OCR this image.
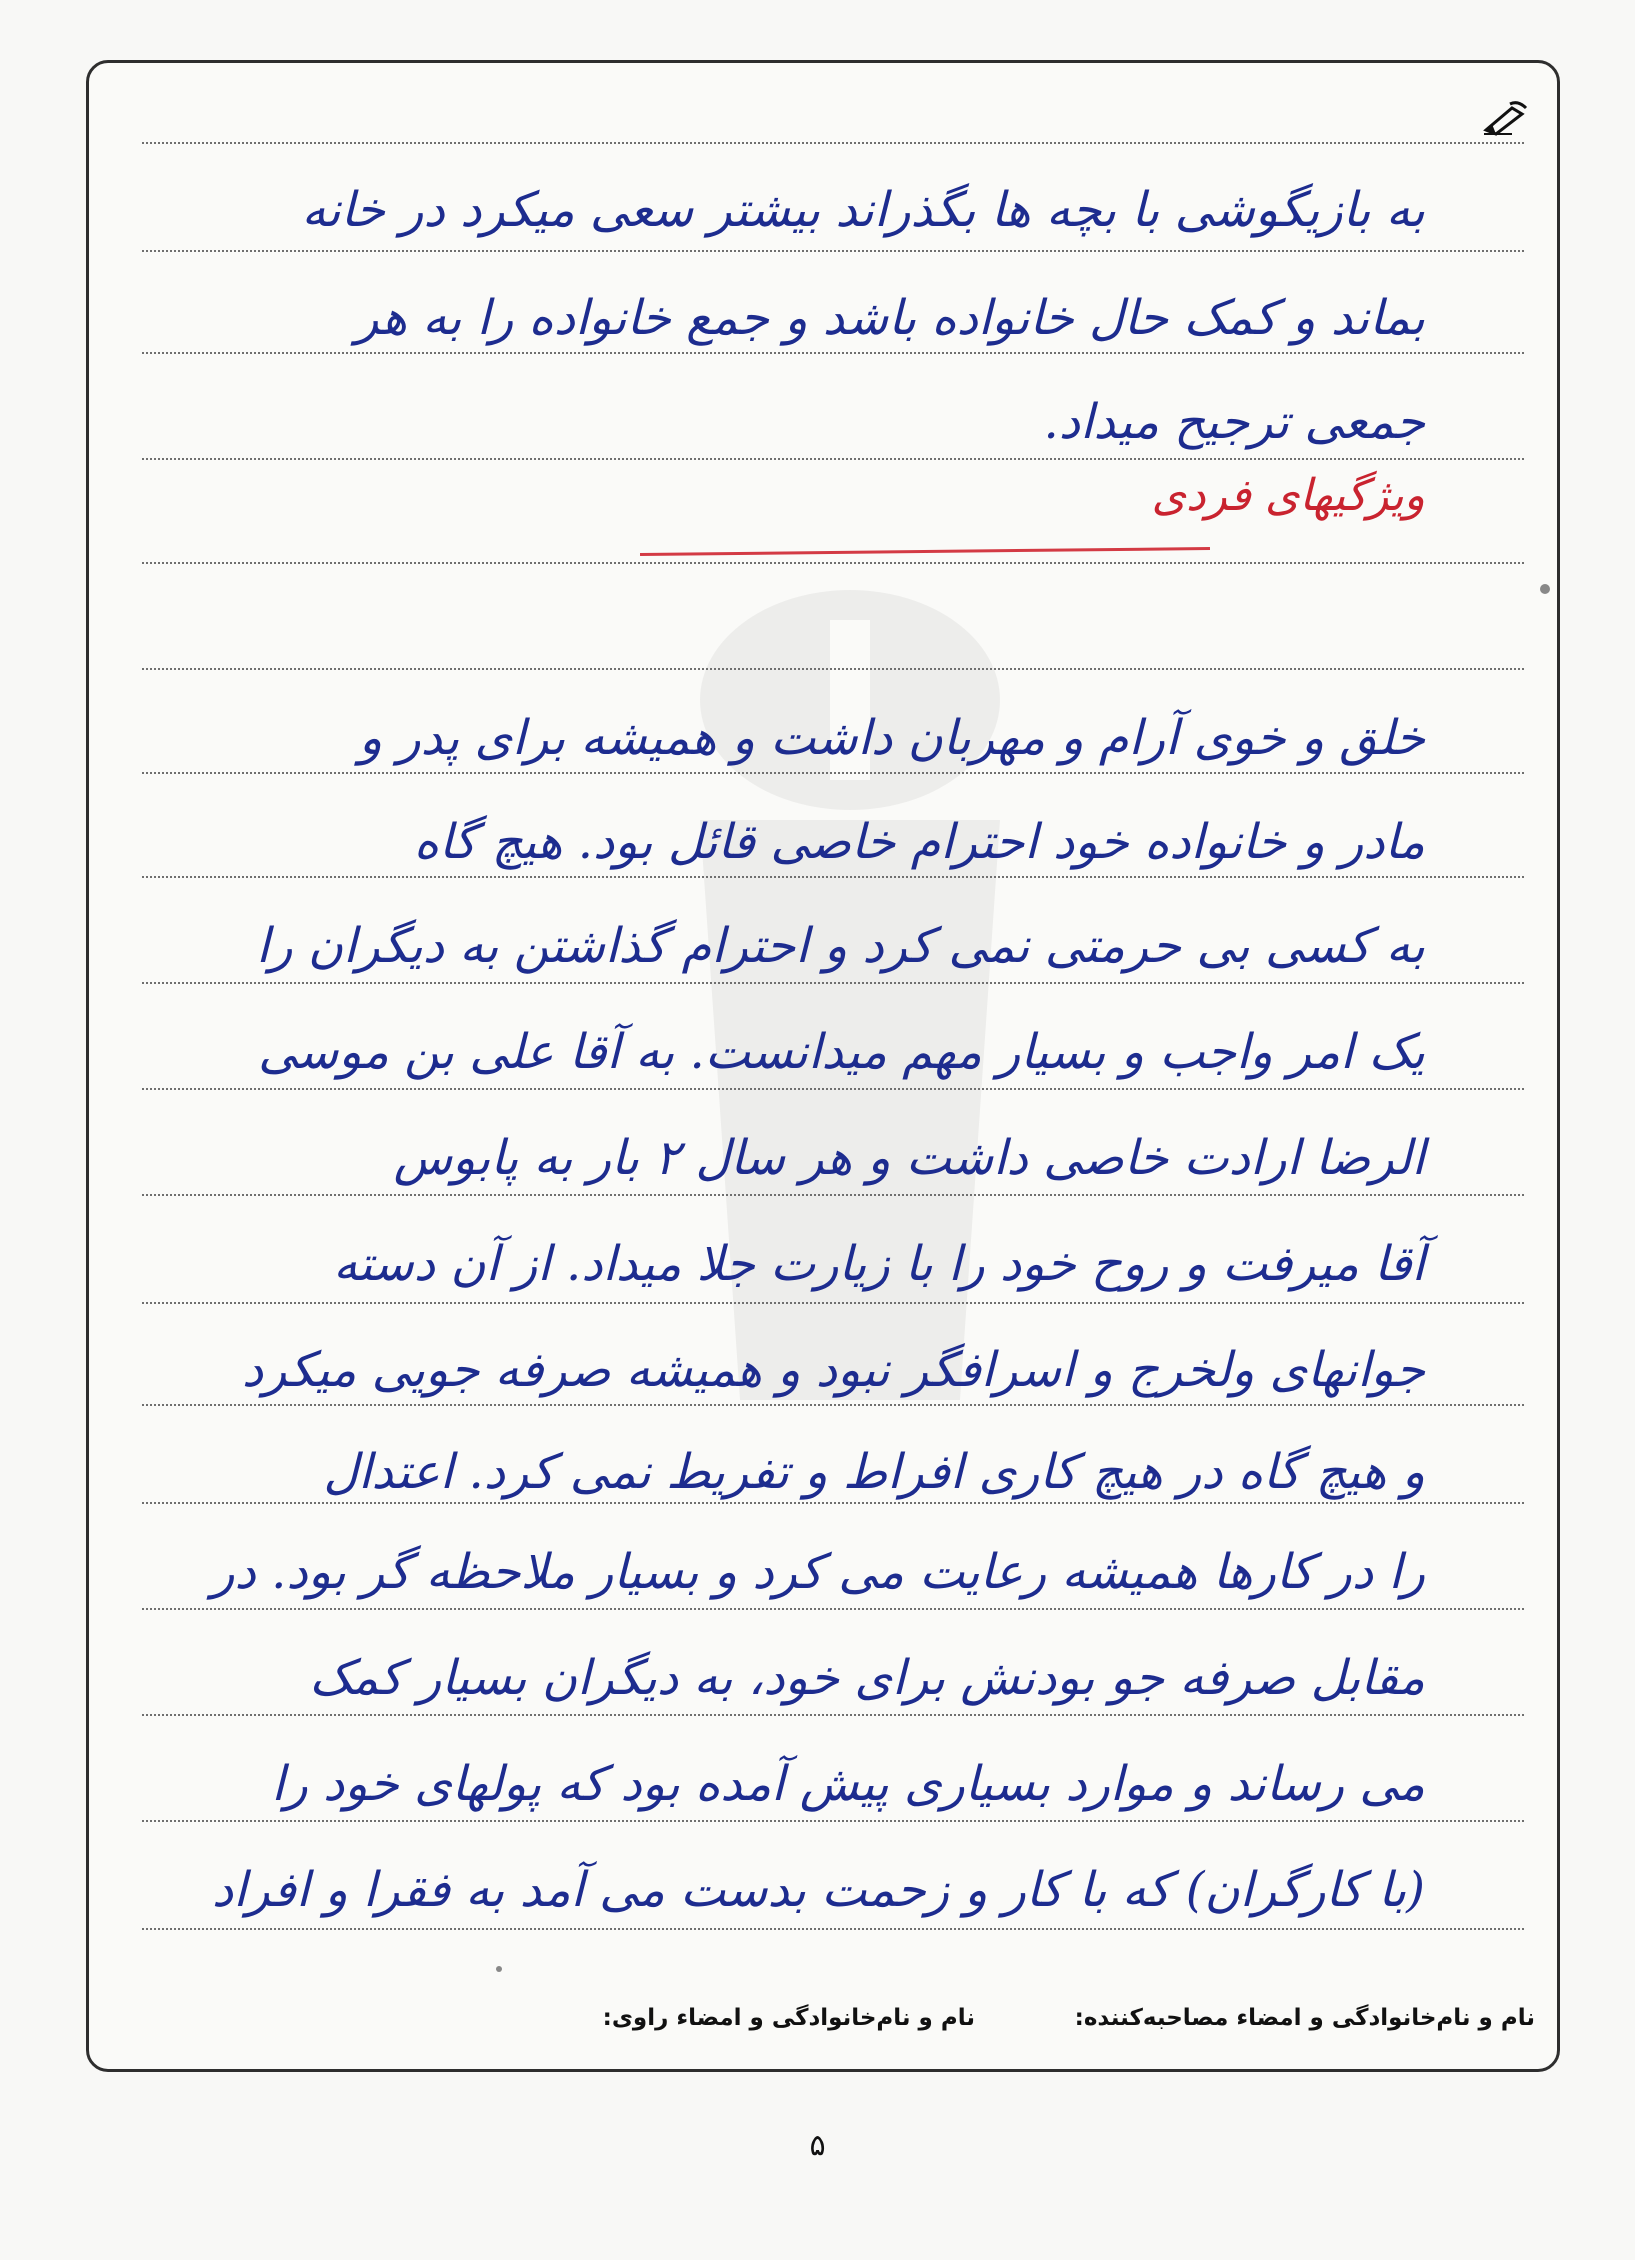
به بازیگوشی با بچه ها بگذراند بیشتر سعی میکرد در خانه
بماند و کمک حال خانواده باشد و جمع خانواده را به هر
جمعی ترجیح میداد.
ویژگیهای فردی
خلق و خوی آرام و مهربان داشت و همیشه برای پدر و
مادر و خانواده خود احترام خاصی قائل بود. هیچ گاه
به کسی بی حرمتی نمی کرد و احترام گذاشتن به دیگران را
یک امر واجب و بسیار مهم میدانست. به آقا علی بن موسی
الرضا ارادت خاصی داشت و هر سال ۲ بار به پابوس
آقا میرفت و روح خود را با زیارت جلا میداد. از آن دسته
جوانهای ولخرج و اسرافگر نبود و همیشه صرفه جویی میکرد
و هیچ گاه در هیچ کاری افراط و تفریط نمی کرد. اعتدال
را در کارها همیشه رعایت می کرد و بسیار ملاحظه گر بود. در
مقابل صرفه جو بودنش برای خود، به دیگران بسیار کمک
می رساند و موارد بسیاری پیش آمده بود که پولهای خود را
(با کارگران) که با کار و زحمت بدست می آمد به فقرا و افراد
نام و نام‌خانوادگی و امضاء مصاحبه‌کننده:
نام و نام‌خانوادگی و امضاء راوی:
۵
